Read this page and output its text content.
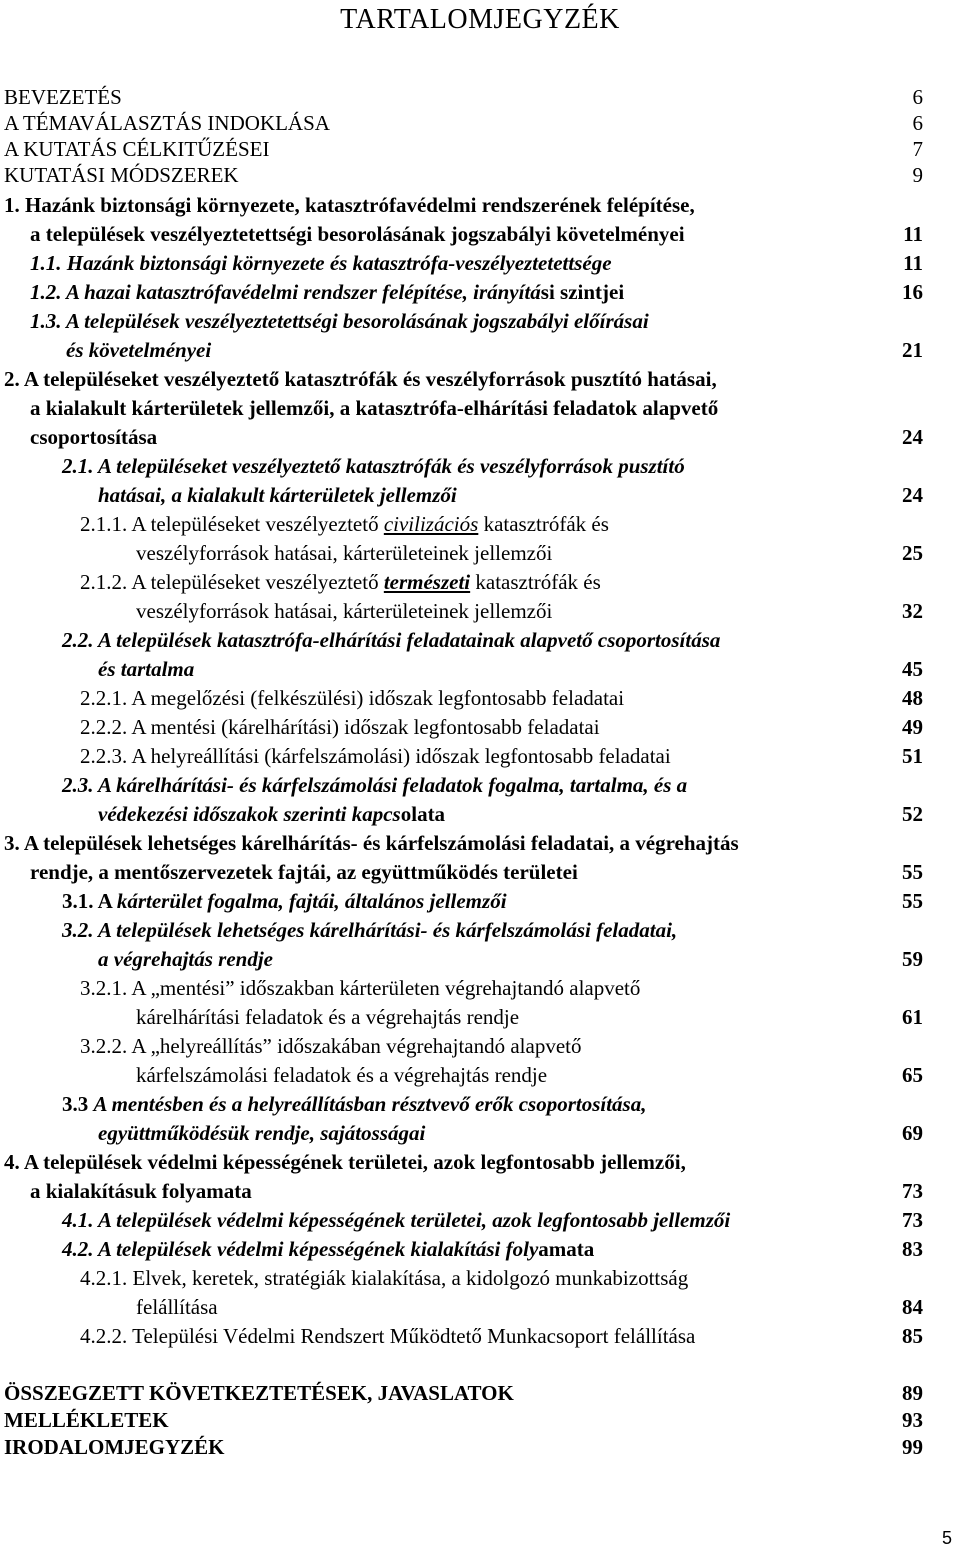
TARTALOMJEGYZÉK
BEVEZETÉS	6
A TÉMAVÁLASZTÁS INDOKLÁSA	6
A KUTATÁS CÉLKITŰZÉSEI	7
KUTATÁSI MÓDSZEREK	9
1. Hazánk biztonsági környezete, katasztrófavédelmi rendszerének felépítése,
a települések veszélyeztetettségi besorolásának jogszabályi követelményei	11
1.1. Hazánk biztonsági környezete és katasztrófa-veszélyeztetettsége	11
1.2. A hazai katasztrófavédelmi rendszer felépítése, irányítási szintjei	16
1.3. A települések veszélyeztetettségi besorolásának jogszabályi előírásai
és követelményei	21
2. A településeket veszélyeztető katasztrófák és veszélyforrások pusztító hatásai,
a kialakult kárterületek jellemzői, a katasztrófa-elhárítási feladatok alapvető
csoportosítása	24
2.1. A településeket veszélyeztető katasztrófák és veszélyforrások pusztító
hatásai, a kialakult kárterületek jellemzői	24
2.1.1. A településeket veszélyeztető civilizációs katasztrófák és
veszélyforrások hatásai, kárterületeinek jellemzői	25
2.1.2. A településeket veszélyeztető természeti katasztrófák és
veszélyforrások hatásai, kárterületeinek jellemzői	32
2.2. A települések katasztrófa-elhárítási feladatainak alapvető csoportosítása
és tartalma	45
2.2.1. A megelőzési (felkészülési) időszak legfontosabb feladatai	48
2.2.2. A mentési (kárelhárítási) időszak legfontosabb feladatai	49
2.2.3. A helyreállítási (kárfelszámolási) időszak legfontosabb feladatai	51
2.3. A kárelhárítási- és kárfelszámolási feladatok fogalma, tartalma, és a
védekezési időszakok szerinti kapcsolata	52
3. A települések lehetséges kárelhárítás- és kárfelszámolási feladatai, a végrehajtás
rendje, a mentőszervezetek fajtái, az együttműködés területei	55
3.1. A kárterület fogalma, fajtái, általános jellemzői	55
3.2. A települések lehetséges kárelhárítási- és kárfelszámolási feladatai,
a végrehajtás rendje	59
3.2.1. A „mentési” időszakban kárterületen végrehajtandó alapvető
kárelhárítási feladatok és a végrehajtás rendje	61
3.2.2. A „helyreállítás” időszakában végrehajtandó alapvető
kárfelszámolási feladatok és a végrehajtás rendje	65
3.3 A mentésben és a helyreállításban résztvevő erők csoportosítása,
együttműködésük rendje, sajátosságai	69
4. A települések védelmi képességének területei, azok legfontosabb jellemzői,
a kialakításuk folyamata	73
4.1. A települések védelmi képességének területei, azok legfontosabb jellemzői	73
4.2. A települések védelmi képességének kialakítási folyamata	83
4.2.1. Elvek, keretek, stratégiák kialakítása, a kidolgozó munkabizottság
felállítása	84
4.2.2. Települési Védelmi Rendszert Működtető Munkacsoport felállítása	85
ÖSSZEGZETT KÖVETKEZTETÉSEK, JAVASLATOK	89
MELLÉKLETEK	93
IRODALOMJEGYZÉK	99
5
